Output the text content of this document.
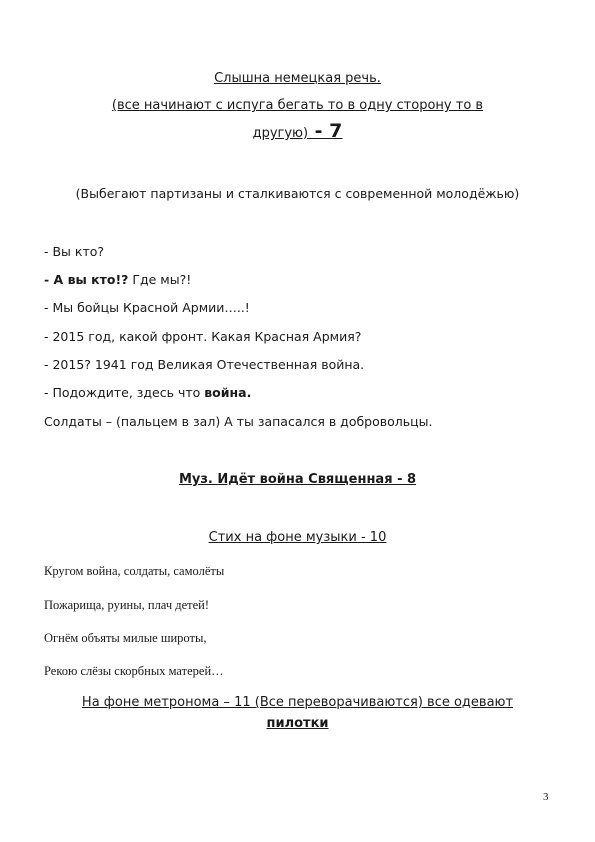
Слышна немецкая речь.
(все начинают с испуга бегать то в одну сторону то в
другую) - 7
(Выбегают партизаны и сталкиваются с современной молодёжью)
- Вы кто?
- А вы кто!? Где мы?!
- Мы бойцы Красной Армии…..!
- 2015 год, какой фронт. Какая Красная Армия?
- 2015? 1941 год Великая Отечественная война.
- Подождите, здесь что война.
Солдаты – (пальцем в зал) А ты запасался в добровольцы.
Муз. Идёт война Священная - 8
Стих на фоне музыки - 10
Кругом война, солдаты, самолёты
Пожарища, руины, плач детей!
Огнём объяты милые широты,
Рекою слёзы скорбных матерей…
На фоне метронома – 11 (Все переворачиваются) все одевают
пилотки
3
